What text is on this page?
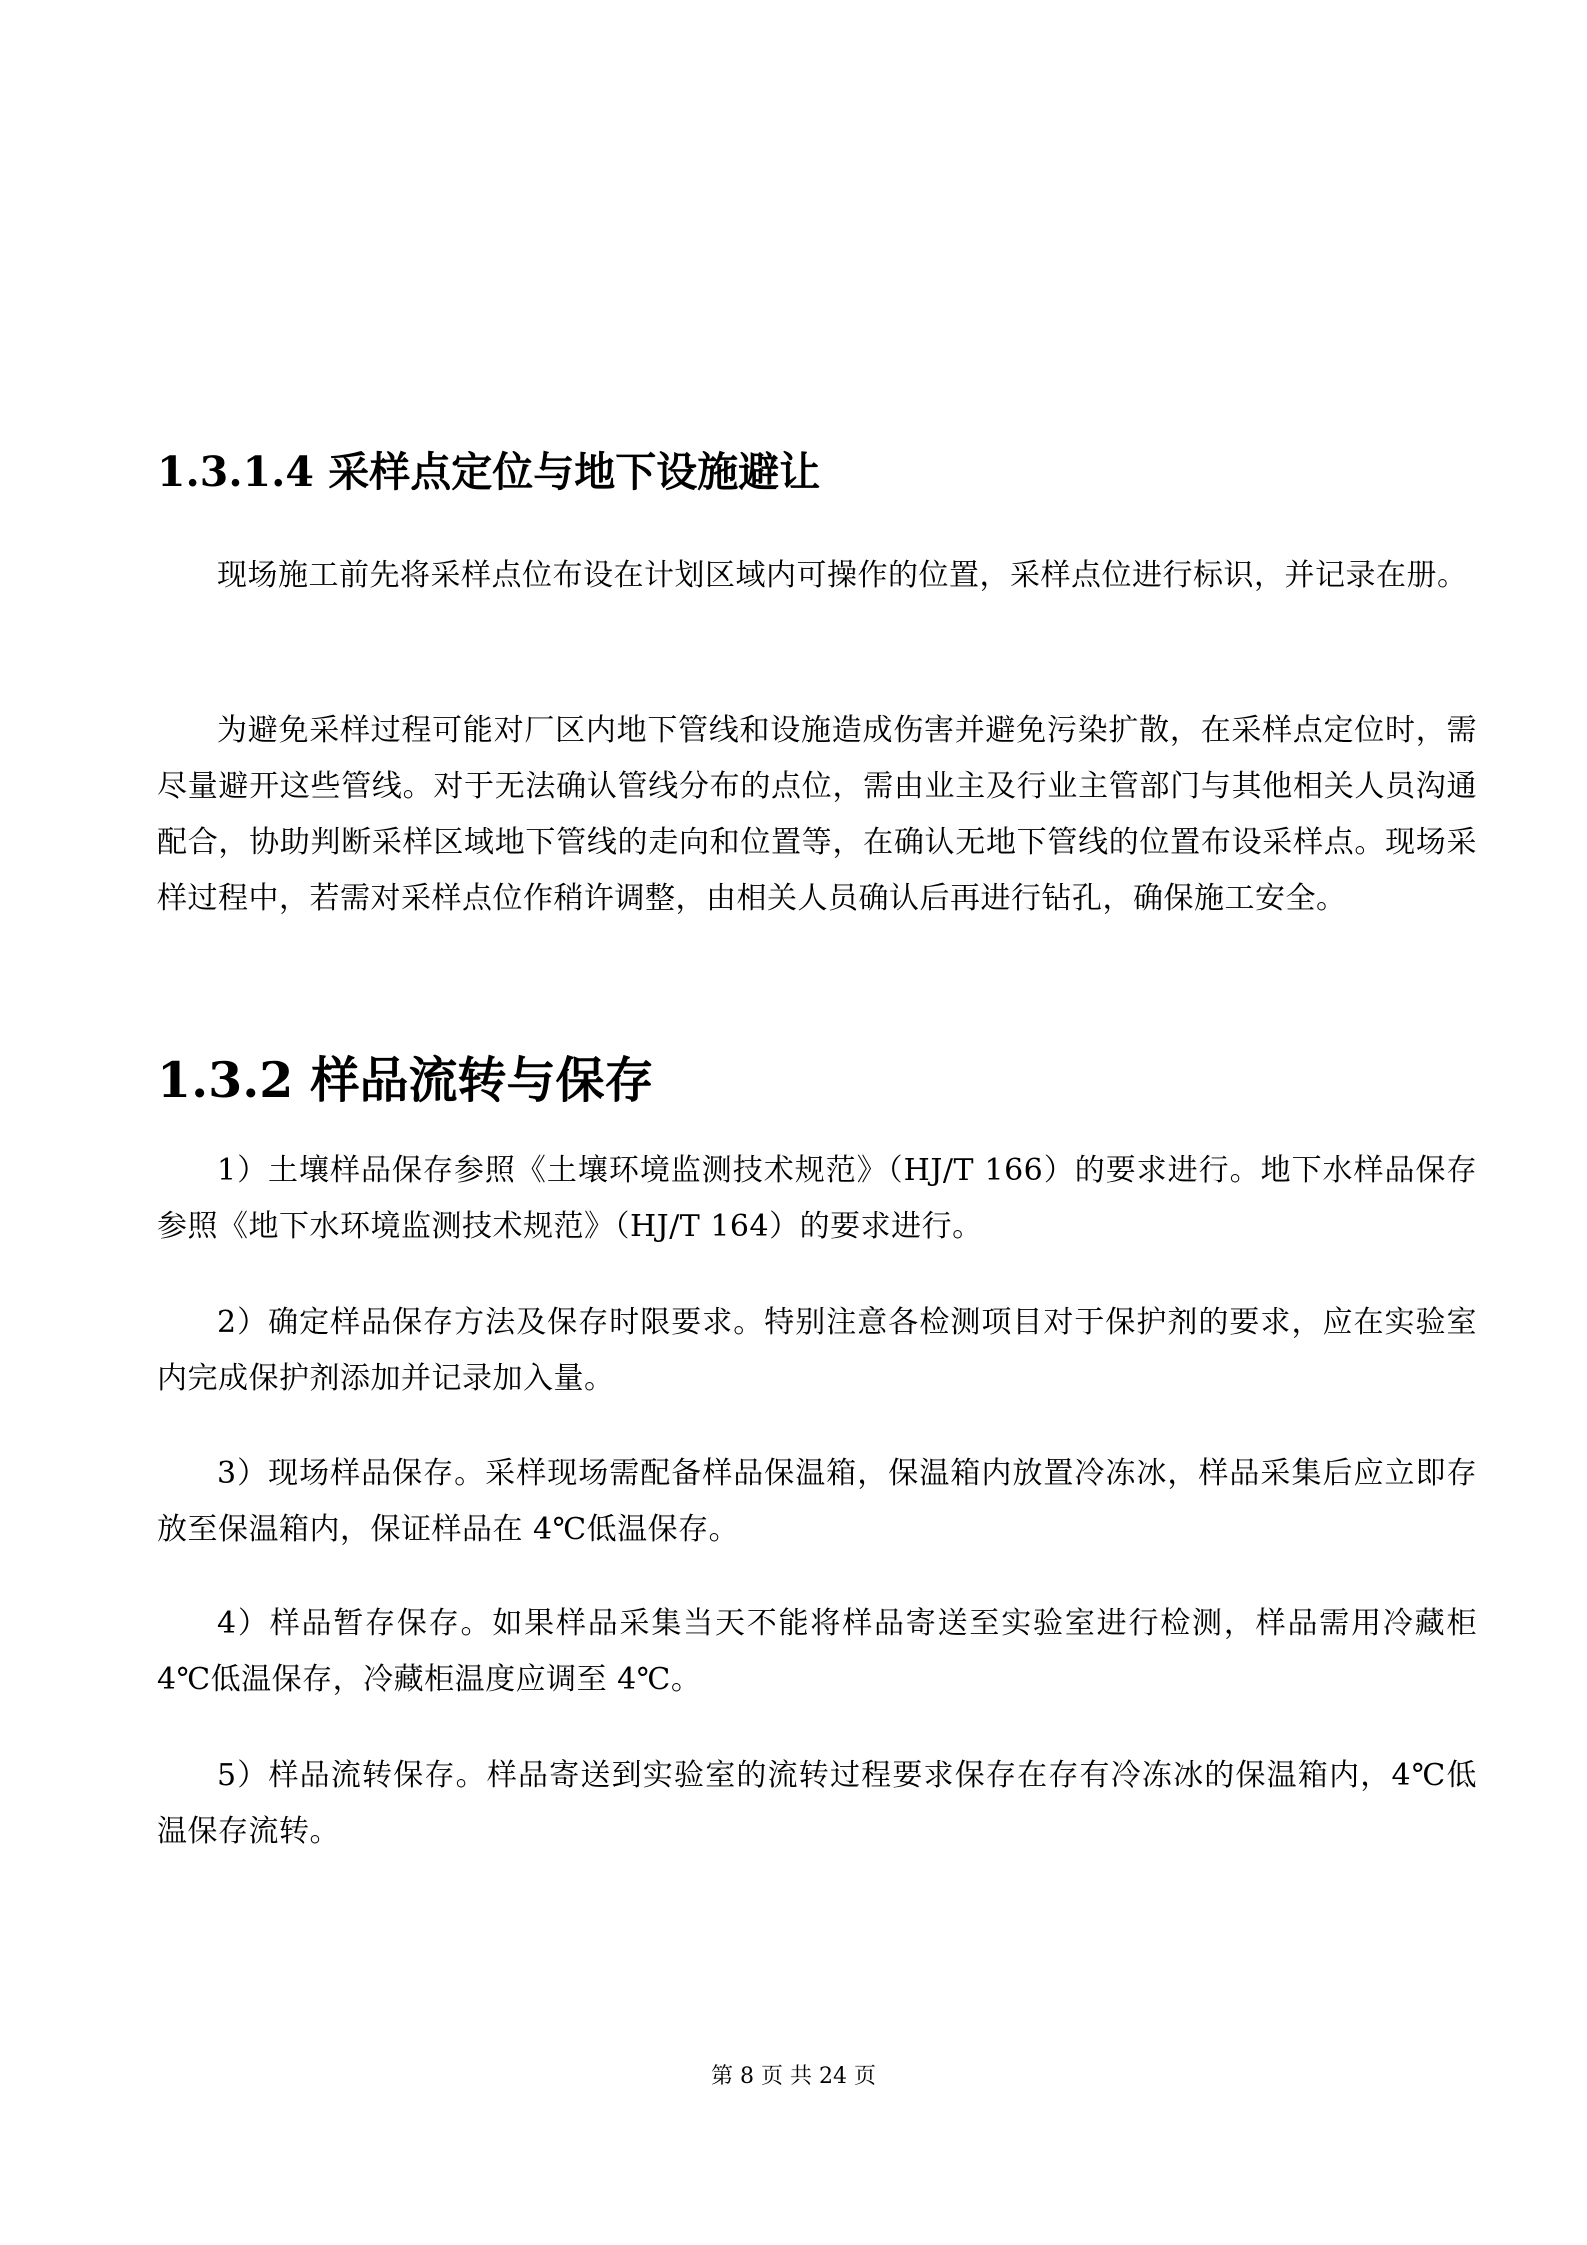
1.3.1.4 采样点定位与地下设施避让

现场施工前先将采样点位布设在计划区域内可操作的位置，采样点位进行标识，并记录在册。

为避免采样过程可能对厂区内地下管线和设施造成伤害并避免污染扩散，在采样点定位时，需尽量避开这些管线。对于无法确认管线分布的点位，需由业主及行业主管部门与其他相关人员沟通配合，协助判断采样区域地下管线的走向和位置等，在确认无地下管线的位置布设采样点。现场采样过程中，若需对采样点位作稍许调整，由相关人员确认后再进行钻孔，确保施工安全。

1.3.2 样品流转与保存

1）土壤样品保存参照《土壤环境监测技术规范》（HJ/T 166）的要求进行。地下水样品保存参照《地下水环境监测技术规范》（HJ/T 164）的要求进行。

2）确定样品保存方法及保存时限要求。特别注意各检测项目对于保护剂的要求，应在实验室内完成保护剂添加并记录加入量。

3）现场样品保存。采样现场需配备样品保温箱，保温箱内放置冷冻冰，样品采集后应立即存放至保温箱内，保证样品在 4℃低温保存。

4）样品暂存保存。如果样品采集当天不能将样品寄送至实验室进行检测，样品需用冷藏柜4℃低温保存，冷藏柜温度应调至 4℃。

5）样品流转保存。样品寄送到实验室的流转过程要求保存在存有冷冻冰的保温箱内，4℃低温保存流转。

第 8 页 共 24 页
